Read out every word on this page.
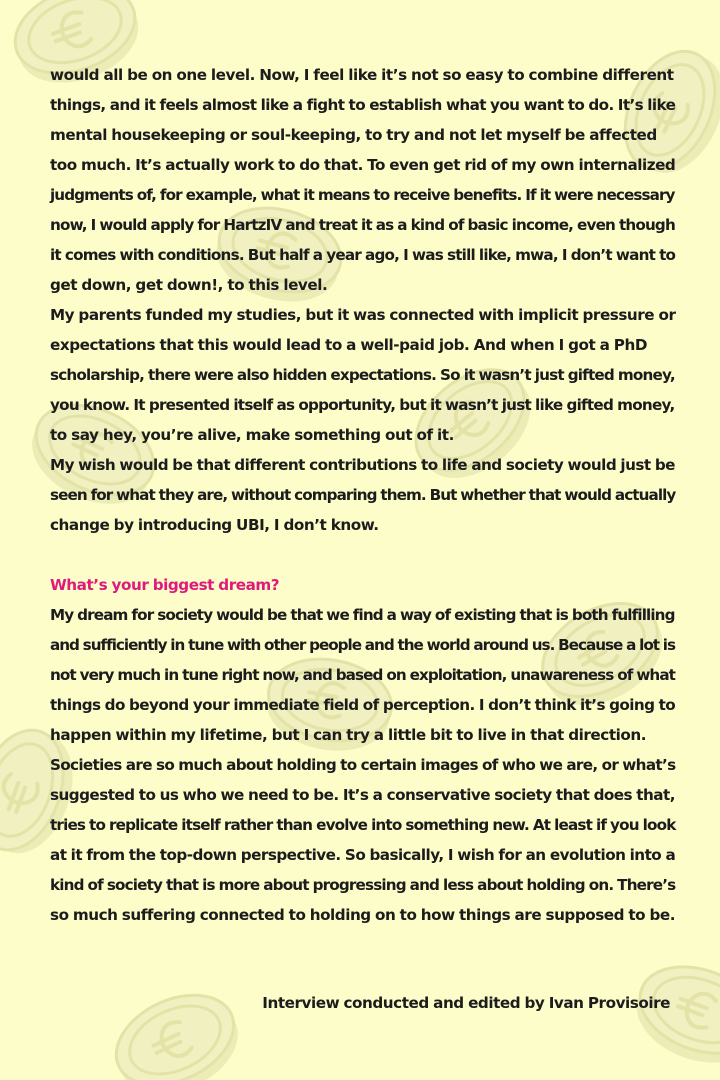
would all be on one level. Now, I feel like it’s not so easy to combine different
things, and it feels almost like a fight to establish what you want to do. It’s like
mental housekeeping or soul-keeping, to try and not let myself be affected
too much. It’s actually work to do that. To even get rid of my own internalized
judgments of, for example, what it means to receive benefits. If it were necessary
now, I would apply for HartzIV and treat it as a kind of basic income, even though
it comes with conditions. But half a year ago, I was still like, mwa, I don’t want to
get down, get down!, to this level.

My parents funded my studies, but it was connected with implicit pressure or
expectations that this would lead to a well-paid job. And when I got a PhD
scholarship, there were also hidden expectations. So it wasn’t just gifted money,
you know. It presented itself as opportunity, but it wasn’t just like gifted money,
to say hey, you’re alive, make something out of it.

My wish would be that different contributions to life and society would just be
seen for what they are, without comparing them. But whether that would actually
change by introducing UBI, I don’t know.

What’s your biggest dream?

My dream for society would be that we find a way of existing that is both fulfilling
and sufficiently in tune with other people and the world around us. Because a lot is
not very much in tune right now, and based on exploitation, unawareness of what
things do beyond your immediate field of perception. I don’t think it’s going to
happen within my lifetime, but I can try a little bit to live in that direction.

Societies are so much about holding to certain images of who we are, or what’s
suggested to us who we need to be. It’s a conservative society that does that,
tries to replicate itself rather than evolve into something new. At least if you look
at it from the top-down perspective. So basically, I wish for an evolution into a
kind of society that is more about progressing and less about holding on. There’s
so much suffering connected to holding on to how things are supposed to be.

Interview conducted and edited by Ivan Provisoire
